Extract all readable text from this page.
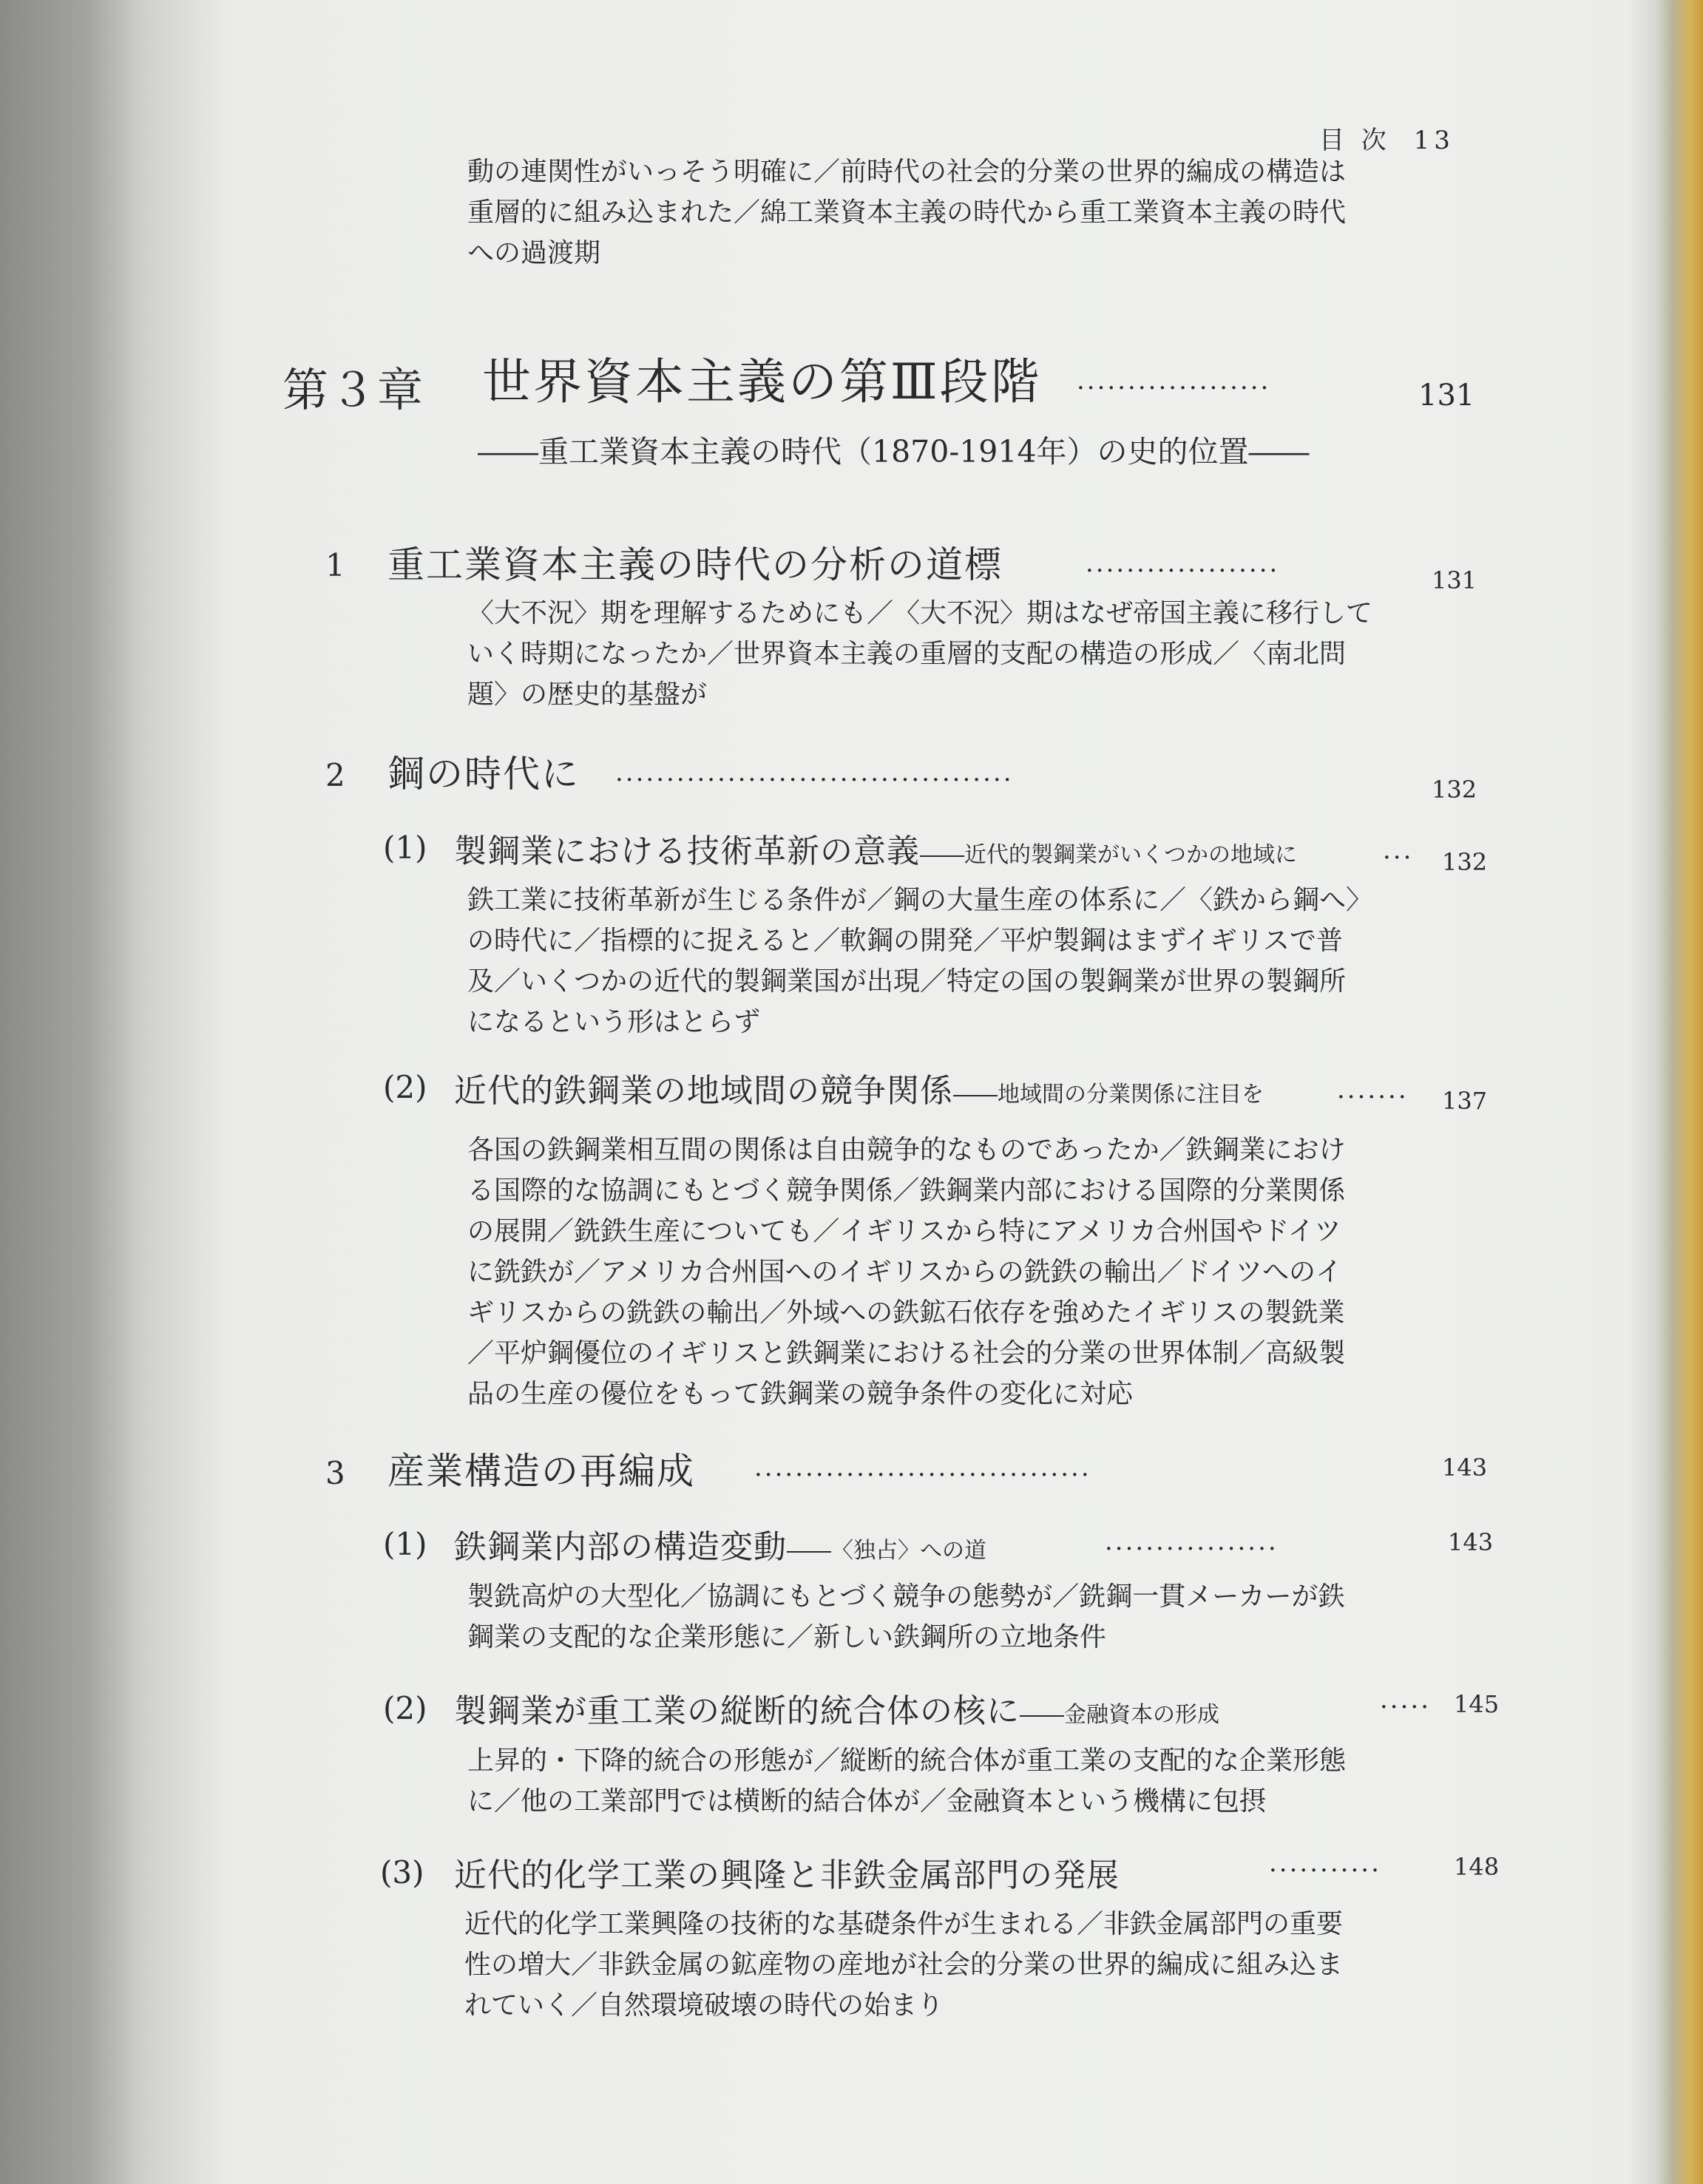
目 次 13
動の連関性がいっそう明確に／前時代の社会的分業の世界的編成の構造は
重層的に組み込まれた／綿工業資本主義の時代から重工業資本主義の時代
への過渡期
第３章 世界資本主義の第Ⅲ段階 ···················	131
――重工業資本主義の時代（1870-1914年）の史的位置――
1 重工業資本主義の時代の分析の道標	···················	131
〈大不況〉期を理解するためにも／〈大不況〉期はなぜ帝国主義に移行して
いく時期になったか／世界資本主義の重層的支配の構造の形成／〈南北問
題〉の歴史的基盤が
2 鋼の時代に ·······································	132
(1) 製鋼業における技術革新の意義――近代的製鋼業がいくつかの地域に	··· 132
鉄工業に技術革新が生じる条件が／鋼の大量生産の体系に／〈鉄から鋼へ〉
の時代に／指標的に捉えると／軟鋼の開発／平炉製鋼はまずイギリスで普
及／いくつかの近代的製鋼業国が出現／特定の国の製鋼業が世界の製鋼所
になるという形はとらず
(2) 近代的鉄鋼業の地域間の競争関係――地域間の分業関係に注目を	······· 137
各国の鉄鋼業相互間の関係は自由競争的なものであったか／鉄鋼業におけ
る国際的な協調にもとづく競争関係／鉄鋼業内部における国際的分業関係
の展開／銑鉄生産についても／イギリスから特にアメリカ合州国やドイツ
に銑鉄が／アメリカ合州国へのイギリスからの銑鉄の輸出／ドイツへのイ
ギリスからの銑鉄の輸出／外域への鉄鉱石依存を強めたイギリスの製銑業
／平炉鋼優位のイギリスと鉄鋼業における社会的分業の世界体制／高級製
品の生産の優位をもって鉄鋼業の競争条件の変化に対応
3 産業構造の再編成 ·································	143
(1) 鉄鋼業内部の構造変動――〈独占〉への道	·················	143
製銑高炉の大型化／協調にもとづく競争の態勢が／銑鋼一貫メーカーが鉄
鋼業の支配的な企業形態に／新しい鉄鋼所の立地条件
(2) 製鋼業が重工業の縦断的統合体の核に――金融資本の形成	····· 145
上昇的・下降的統合の形態が／縦断的統合体が重工業の支配的な企業形態
に／他の工業部門では横断的結合体が／金融資本という機構に包摂
(3) 近代的化学工業の興隆と非鉄金属部門の発展	···········	148
近代的化学工業興隆の技術的な基礎条件が生まれる／非鉄金属部門の重要
性の増大／非鉄金属の鉱産物の産地が社会的分業の世界的編成に組み込ま
れていく／自然環境破壊の時代の始まり
